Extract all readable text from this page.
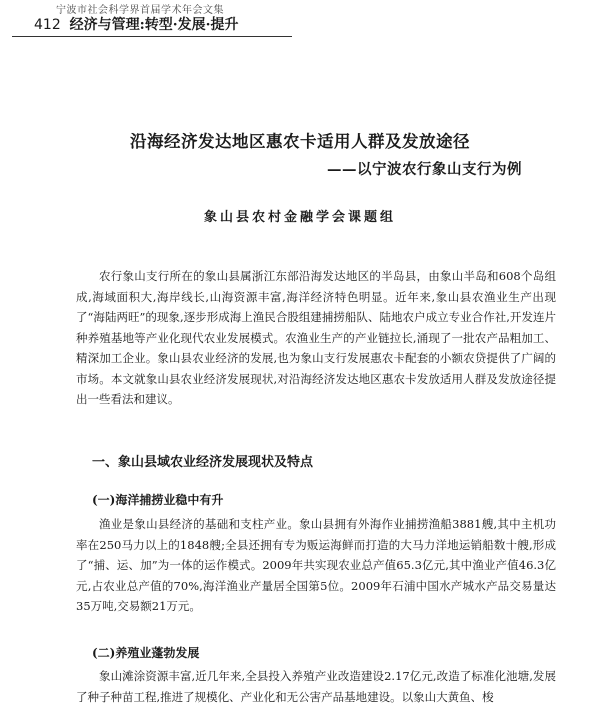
宁波市社会科学界首届学术年会文集
412 经济与管理:转型·发展·提升
沿海经济发达地区惠农卡适用人群及发放途径
——以宁波农行象山支行为例
象山县农村金融学会课题组

农行象山支行所在的象山县属浙江东部沿海发达地区的半岛县，由象山半岛和608个岛组成,海域面积大,海岸线长,山海资源丰富,海洋经济特色明显。近年来,象山县农渔业生产出现了“海陆两旺”的现象,逐步形成海上渔民合股组建捕捞船队、陆地农户成立专业合作社,开发连片种养殖基地等产业化现代农业发展模式。农渔业生产的产业链拉长,涌现了一批农产品粗加工、精深加工企业。象山县农业经济的发展,也为象山支行发展惠农卡配套的小额农贷提供了广阔的市场。本文就象山县农业经济发展现状,对沿海经济发达地区惠农卡发放适用人群及发放途径提出一些看法和建议。

一、象山县域农业经济发展现状及特点
(一)海洋捕捞业稳中有升

渔业是象山县经济的基础和支柱产业。象山县拥有外海作业捕捞渔船3881艘,其中主机功率在250马力以上的1848艘;全县还拥有专为贩运海鲜而打造的大马力洋地运销船数十艘,形成了“捕、运、加”为一体的运作模式。2009年共实现农业总产值65.3亿元,其中渔业产值46.3亿元,占农业总产值的70%,海洋渔业产量居全国第5位。2009年石浦中国水产城水产品交易量达35万吨,交易额21万元。

(二)养殖业蓬勃发展

象山滩涂资源丰富,近几年来,全县投入养殖产业改造建设2.17亿元,改造了标准化池塘,发展了种子种苗工程,推进了规模化、产业化和无公害产品基地建设。以象山大黄鱼、梭
